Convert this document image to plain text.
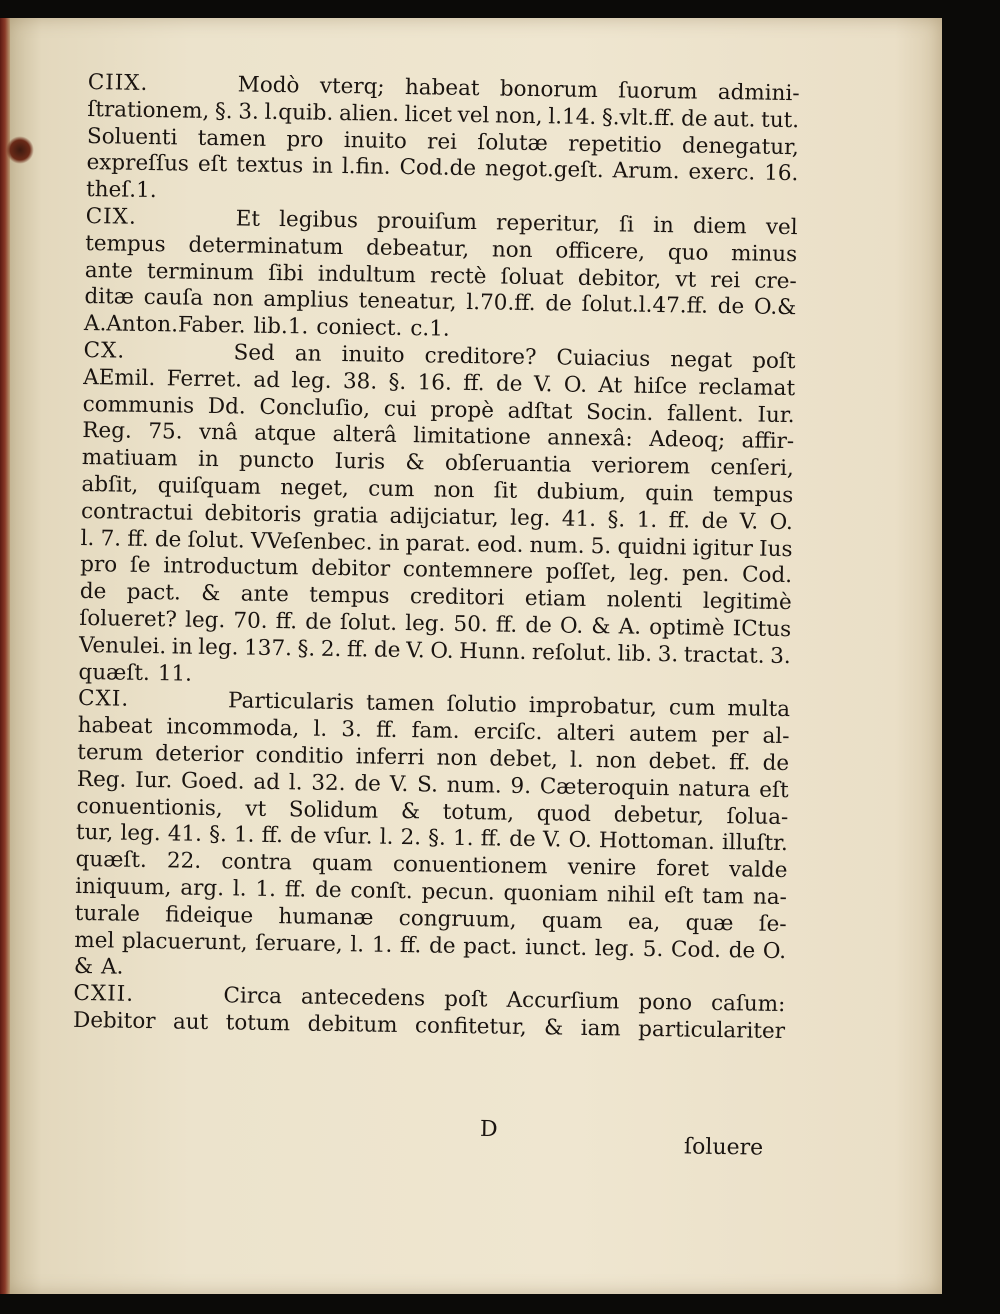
CIIX.	Modò vterq; habeat bonorum ſuorum admini-
ſtrationem, §. 3. l.quib. alien. licet vel non, l.14. §.vlt.ff. de aut. tut.
Soluenti tamen pro inuito rei ſolutæ repetitio denegatur,
expreſſus eſt textus in l.fin. Cod.de negot.geſt. Arum. exerc. 16.
theſ.1.
CIX.	Et legibus prouiſum reperitur, ſi in diem vel
tempus determinatum debeatur, non officere, quo minus
ante terminum ſibi indultum rectè ſoluat debitor, vt rei cre-
ditæ cauſa non amplius teneatur, l.70.ff. de ſolut.l.47.ff. de O.&
A.Anton.Faber. lib.1. coniect. c.1.
CX.	Sed an inuito creditore? Cuiacius negat poſt
AEmil. Ferret. ad leg. 38. §. 16. ff. de V. O. At hiſce reclamat
communis Dd. Concluſio, cui propè adſtat Socin. fallent. Iur.
Reg. 75. vnâ atque alterâ limitatione annexâ: Adeoq; affir-
matiuam in puncto Iuris & obſeruantia veriorem cenſeri,
abſit, quiſquam neget, cum non ſit dubium, quin tempus
contractui debitoris gratia adijciatur, leg. 41. §. 1. ff. de V. O.
l. 7. ff. de ſolut. VVeſenbec. in parat. eod. num. 5. quidni igitur Ius
pro ſe introductum debitor contemnere poſſet, leg. pen. Cod.
de pact. & ante tempus creditori etiam nolenti legitimè
ſolueret? leg. 70. ff. de ſolut. leg. 50. ff. de O. & A. optimè ICtus
Venulei. in leg. 137. §. 2. ff. de V. O. Hunn. reſolut. lib. 3. tractat. 3.
quæſt. 11.
CXI.	Particularis tamen ſolutio improbatur, cum multa
habeat incommoda, l. 3. ff. fam. erciſc. alteri autem per al-
terum deterior conditio inferri non debet, l. non debet. ff. de
Reg. Iur. Goed. ad l. 32. de V. S. num. 9. Cæteroquin natura eſt
conuentionis, vt Solidum & totum, quod debetur, ſolua-
tur, leg. 41. §. 1. ff. de vſur. l. 2. §. 1. ff. de V. O. Hottoman. illuſtr.
quæſt. 22. contra quam conuentionem venire foret valde
iniquum, arg. l. 1. ff. de conſt. pecun. quoniam nihil eſt tam na-
turale fideique humanæ congruum, quam ea, quæ ſe-
mel placuerunt, ſeruare, l. 1. ff. de pact. iunct. leg. 5. Cod. de O.
& A.
CXII.	Circa antecedens poſt Accurſium pono caſum:
Debitor aut totum debitum confitetur, & iam particulariter
D
ſoluere
